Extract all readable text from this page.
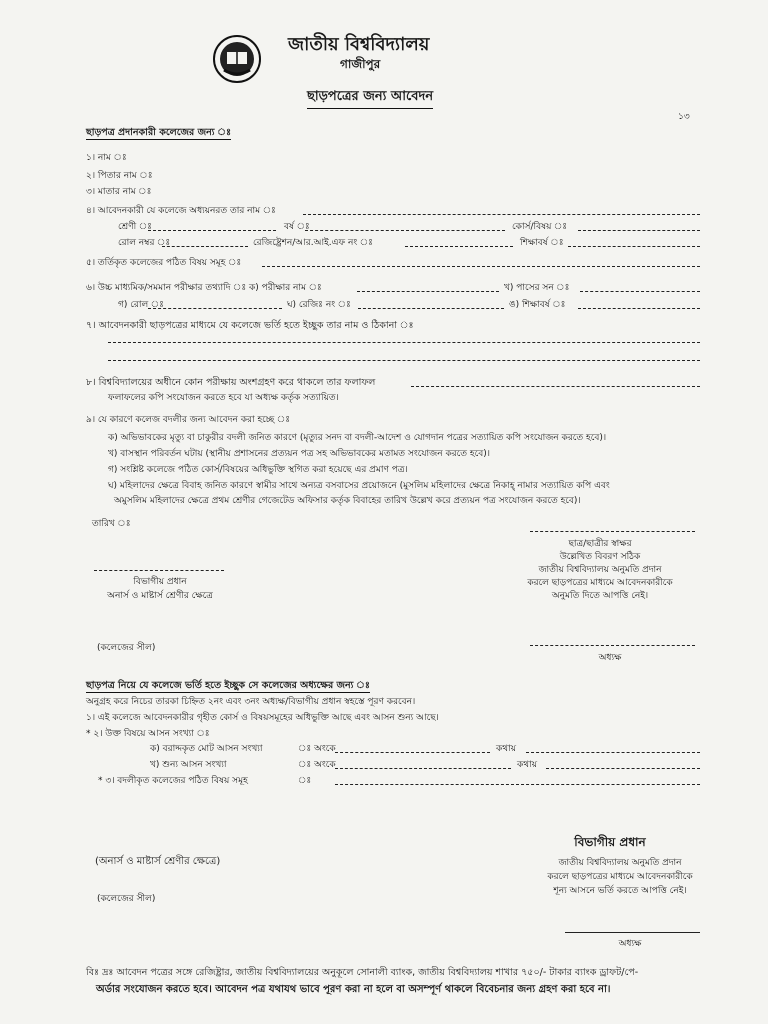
জাতীয় বিশ্ববিদ্যালয়
গাজীপুর
ছাড়পত্রের জন্য আবেদন
১৩
ছাড়পত্র প্রদানকারী কলেজের জন্য ঃ
১। নাম ঃ
২। পিতার নাম ঃ
৩। মাতার নাম ঃ
৪। আবেদনকারী যে কলেজে অধ্যয়নরত তার নাম ঃ
শ্রেণী ঃ	বর্ষ ঃ	কোর্স/বিষয় ঃ
রোল নম্বর ঃ	রেজিষ্ট্রেশন/আর.আই.এফ নং ঃ	শিক্ষাবর্ষ ঃ
৫। তর্তিকৃত কলেজের পঠিত বিষয় সমূহ ঃ
৬। উচ্চ মাধ্যমিক/সমমান পরীক্ষার তথ্যাদি ঃ ক) পরীক্ষার নাম ঃ	খ) পাসের সন ঃ
গ) রোল ঃ	ঘ) রেজিঃ নং ঃ	ঙ) শিক্ষাবর্ষ ঃ
৭। আবেদনকারী ছাড়পত্রের মাধ্যমে যে কলেজে ভর্তি হতে ইচ্ছুক তার নাম ও ঠিকানা ঃ
৮। বিশ্ববিদ্যালয়ের অধীনে কোন পরীক্ষায় অংশগ্রহণ করে থাকলে তার ফলাফল
ফলাফলের কপি সংযোজন করতে হবে যা অধ্যক্ষ কর্তৃক সত্যায়িত।
৯। যে কারণে কলেজ বদলীর জন্য আবেদন করা হচ্ছে ঃ
ক) অভিভাবকের মৃত্যু বা চাকুরীর বদলী জনিত কারণে (মৃত্যুর সনদ বা বদলী-আদেশ ও যোগদান পত্রের সত্যায়িত কপি সংযোজন করতে হবে)।
খ) বাসস্থান পরিবর্তন ঘটায় (স্থানীয় প্রশাসনের প্রত্যয়ন পত্র সহ অভিভাবকের মতামত সংযোজন করতে হবে)।
গ) সংশ্লিষ্ট কলেজে পঠিত কোর্স/বিষয়ের অধিভুক্তি স্থগিত করা হয়েছে এর প্রমাণ পত্র।
ঘ) মহিলাদের ক্ষেত্রে বিবাহ জনিত কারণে স্বামীর সাথে অন্যত্র বসবাসের প্রয়োজনে (মুসলিম মহিলাদের ক্ষেত্রে নিকাহ্ নামার সত্যায়িত কপি এবং
অমুসলিম মহিলাদের ক্ষেত্রে প্রথম শ্রেণীর গেজেটেড অফিসার কর্তৃক বিবাহের তারিখ উল্লেখ করে প্রত্যয়ন পত্র সংযোজন করতে হবে)।
তারিখ ঃ
ছাত্র/ছাত্রীর স্বাক্ষর
উল্লেখিত বিবরণ সঠিক
জাতীয় বিশ্ববিদ্যালয় অনুমতি প্রদান
করলে ছাড়পত্রের মাধ্যমে আবেদনকারীকে
অনুমতি দিতে আপত্তি নেই।
বিভাগীয় প্রধান
অনার্স ও মাষ্টার্স শ্রেণীর ক্ষেত্রে
(কলেজের সীল)
অধ্যক্ষ
ছাড়পত্র নিয়ে যে কলেজে ভর্তি হতে ইচ্ছুক সে কলেজের অধ্যক্ষের জন্য ঃ
অনুগ্রহ করে নিচের তারকা চিহ্নিত ২নং এবং ৩নং অধ্যক্ষ/বিভাগীয় প্রধান স্বহস্তে পূরণ করবেন।
১। এই কলেজে আবেদনকারীর গৃহীত কোর্স ও বিষয়সমূহের অধিভুক্তি আছে এবং আসন শুন্য আছে।
* ২। উক্ত বিষয়ে আসন সংখ্যা ঃ
ক) বরাদ্দকৃত মোট আসন সংখ্যা	ঃ অংকে	কথায়
খ) শুন্য আসন সংখ্যা	ঃ অংকে	কথায়
* ৩। বদলীকৃত কলেজের পঠিত বিষয় সমূহ	ঃ
বিভাগীয় প্রধান
জাতীয় বিশ্ববিদ্যালয় অনুমতি প্রদান
করলে ছাড়পত্রের মাধ্যমে আবেদনকারীকে
শূন্য আসনে ভর্তি করতে আপত্তি নেই।
(অনার্স ও মাষ্টার্স শ্রেণীর ক্ষেত্রে)
(কলেজের সীল)
অধ্যক্ষ
বিঃ দ্রঃ আবেদন পত্রের সঙ্গে রেজিষ্ট্রার, জাতীয় বিশ্ববিদ্যালয়ের অনুকূলে সোনালী ব্যাংক, জাতীয় বিশ্ববিদ্যালয় শাখার ৭৫০/- টাকার ব্যাংক ড্রাফট/পে-
অর্ডার সংযোজন করতে হবে। আবেদন পত্র যথাযথ ভাবে পূরণ করা না হলে বা অসম্পূর্ণ থাকলে বিবেচনার জন্য গ্রহণ করা হবে না।
